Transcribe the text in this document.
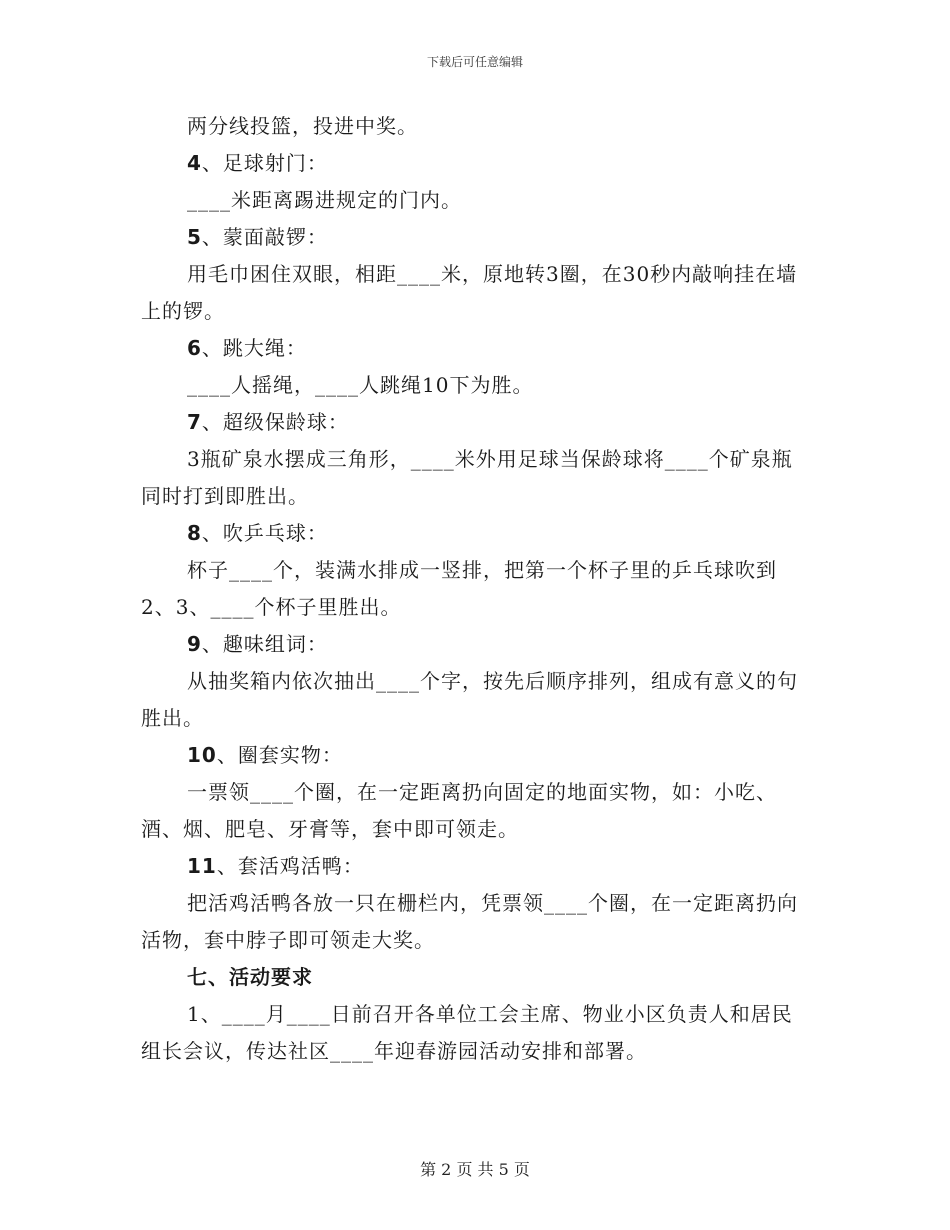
下载后可任意编辑

两分线投篮，投进中奖。

4、足球射门：

____米距离踢进规定的门内。

5、蒙面敲锣：

用毛巾困住双眼，相距____米，原地转3圈，在30秒内敲响挂在墙上的锣。

6、跳大绳：

____人摇绳，____人跳绳10下为胜。

7、超级保龄球：

3瓶矿泉水摆成三角形，____米外用足球当保龄球将____个矿泉瓶同时打到即胜出。

8、吹乒乓球：

杯子____个，装满水排成一竖排，把第一个杯子里的乒乓球吹到2、3、____个杯子里胜出。

9、趣味组词：

从抽奖箱内依次抽出____个字，按先后顺序排列，组成有意义的句胜出。

10、圈套实物：

一票领____个圈，在一定距离扔向固定的地面实物，如：小吃、酒、烟、肥皂、牙膏等，套中即可领走。

11、套活鸡活鸭：

把活鸡活鸭各放一只在栅栏内，凭票领____个圈，在一定距离扔向活物，套中脖子即可领走大奖。

七、活动要求

1、____月____日前召开各单位工会主席、物业小区负责人和居民组长会议，传达社区____年迎春游园活动安排和部署。

第 2 页 共 5 页
